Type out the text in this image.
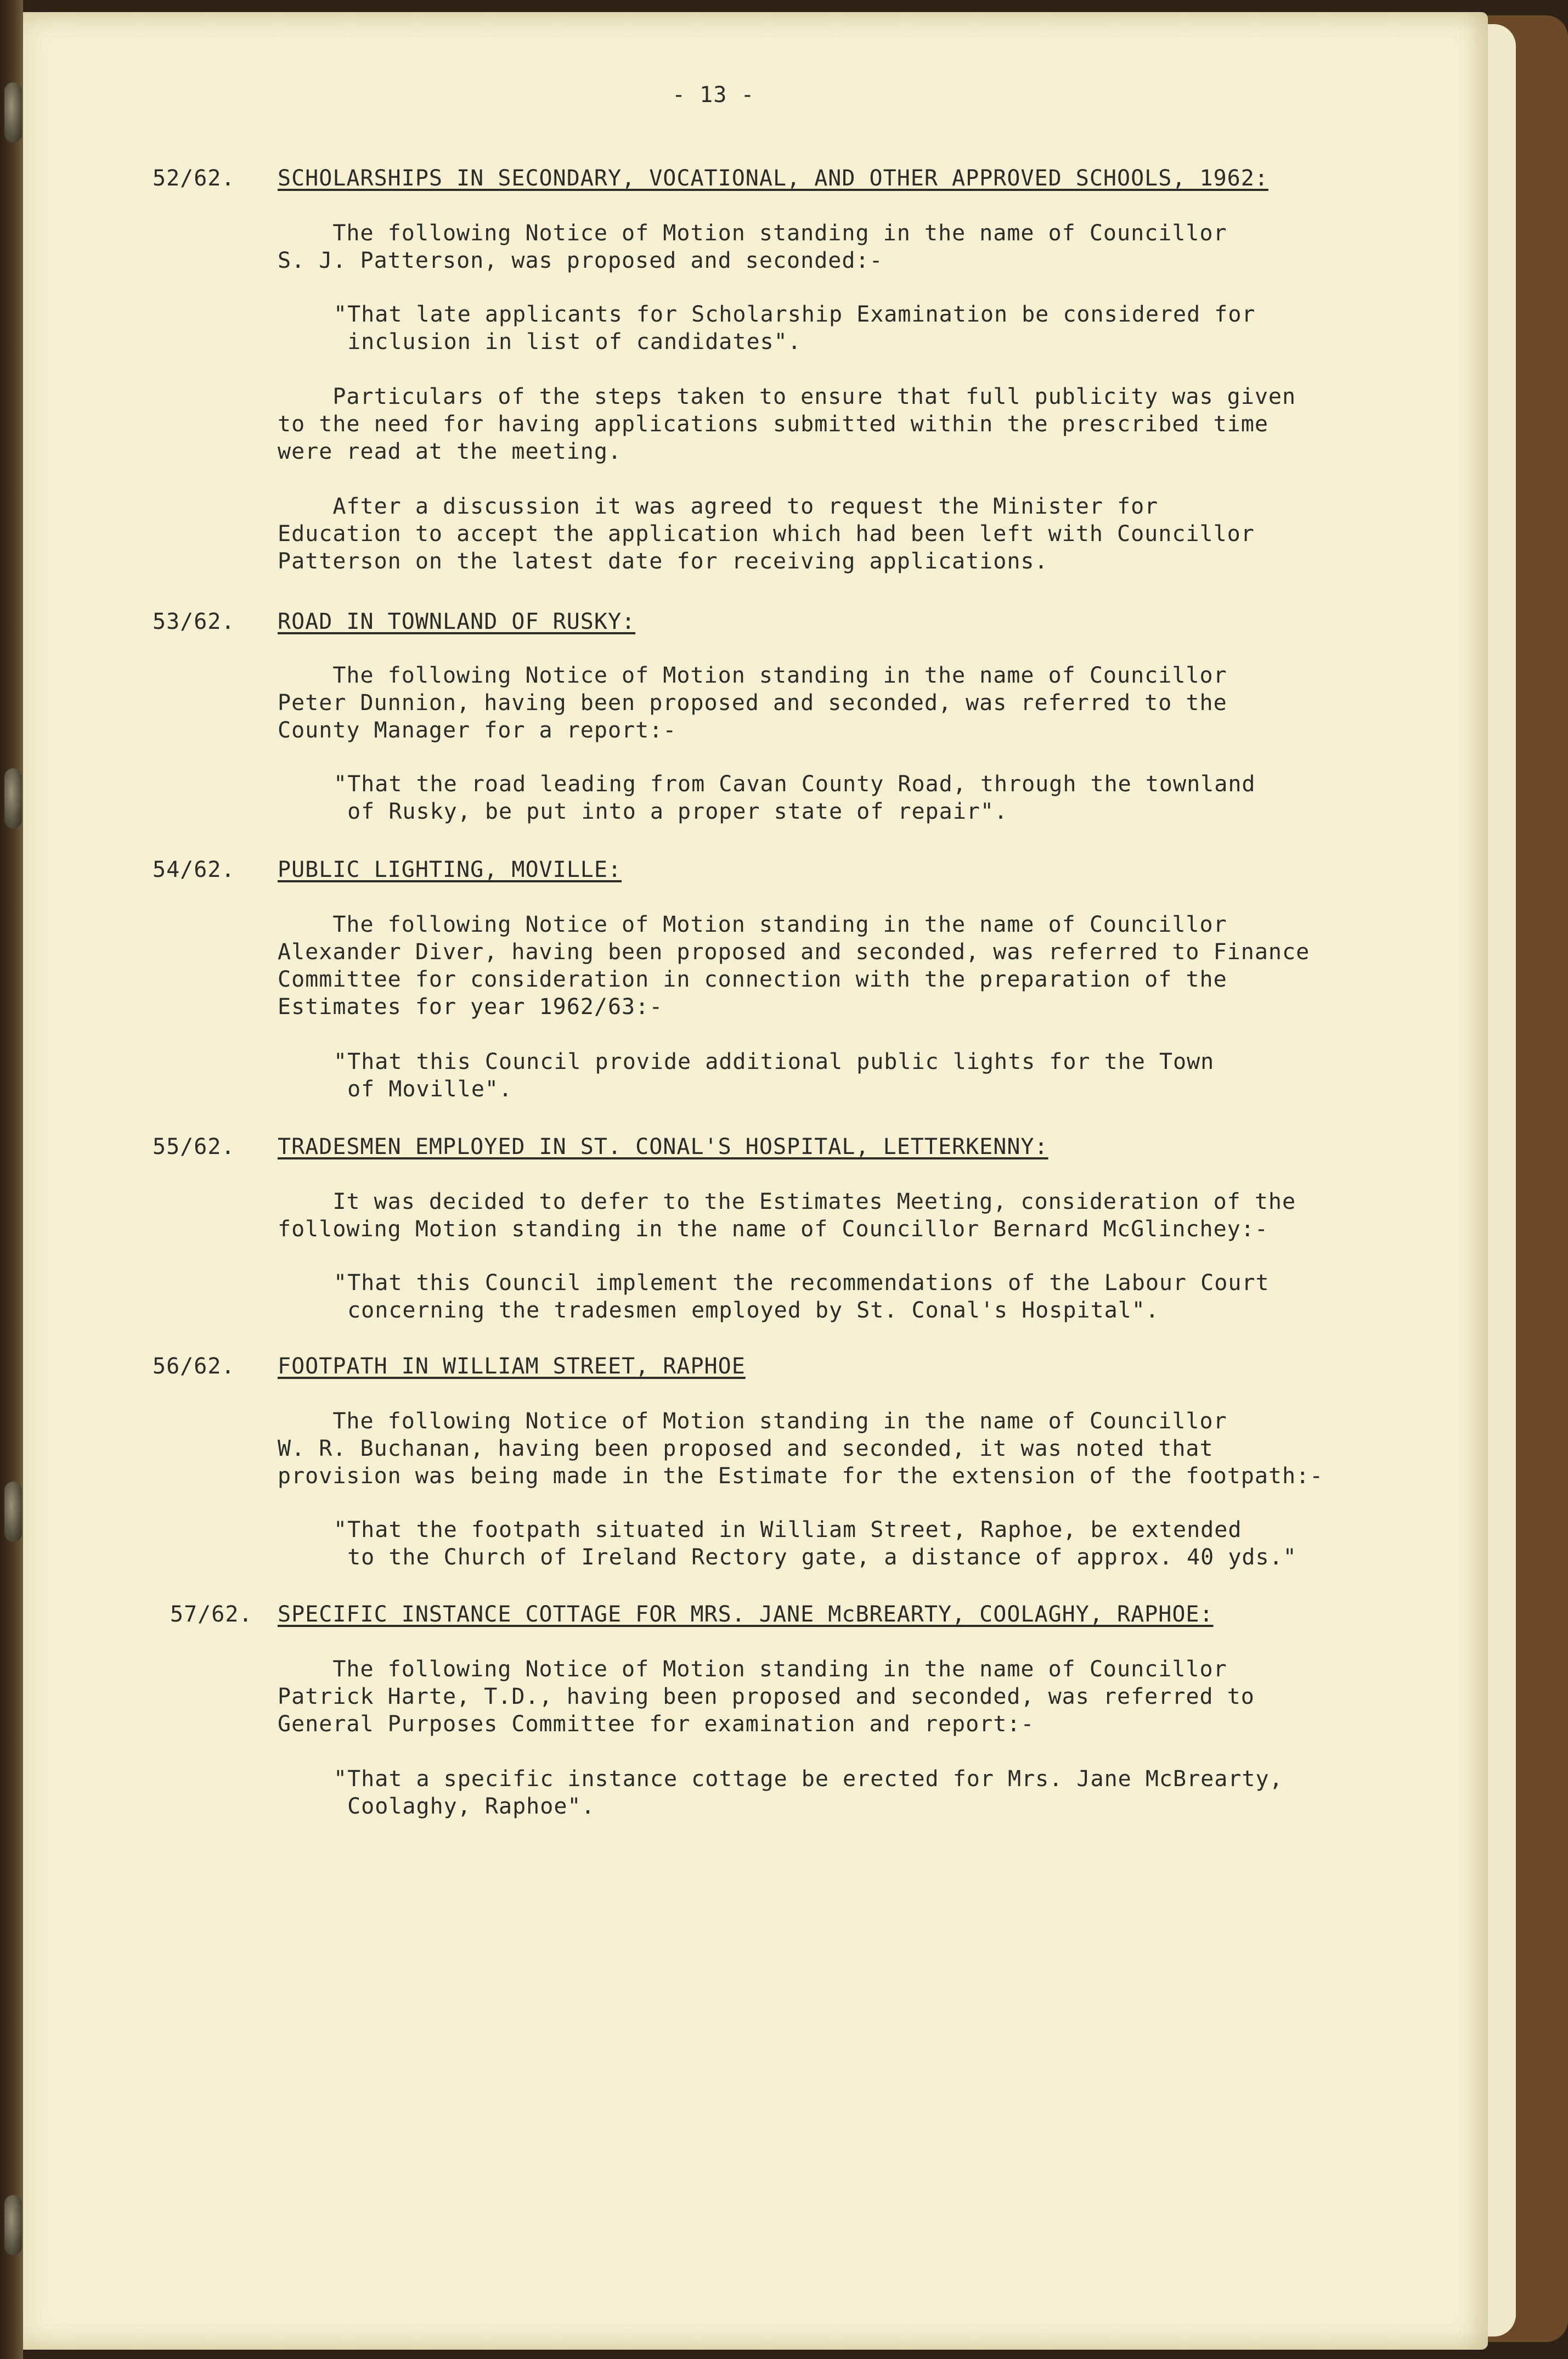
- 13 -
52/62. SCHOLARSHIPS IN SECONDARY, VOCATIONAL, AND OTHER APPROVED SCHOOLS, 1962:
The following Notice of Motion standing in the name of Councillor
S. J. Patterson, was proposed and seconded:-
"That late applicants for Scholarship Examination be considered for
inclusion in list of candidates".
Particulars of the steps taken to ensure that full publicity was given
to the need for having applications submitted within the prescribed time
were read at the meeting.
After a discussion it was agreed to request the Minister for
Education to accept the application which had been left with Councillor
Patterson on the latest date for receiving applications.
53/62. ROAD IN TOWNLAND OF RUSKY:
The following Notice of Motion standing in the name of Councillor
Peter Dunnion, having been proposed and seconded, was referred to the
County Manager for a report:-
"That the road leading from Cavan County Road, through the townland
of Rusky, be put into a proper state of repair".
54/62. PUBLIC LIGHTING, MOVILLE:
The following Notice of Motion standing in the name of Councillor
Alexander Diver, having been proposed and seconded, was referred to Finance
Committee for consideration in connection with the preparation of the
Estimates for year 1962/63:-
"That this Council provide additional public lights for the Town
of Moville".
55/62. TRADESMEN EMPLOYED IN ST. CONAL'S HOSPITAL, LETTERKENNY:
It was decided to defer to the Estimates Meeting, consideration of the
following Motion standing in the name of Councillor Bernard McGlinchey:-
"That this Council implement the recommendations of the Labour Court
concerning the tradesmen employed by St. Conal's Hospital".
56/62. FOOTPATH IN WILLIAM STREET, RAPHOE
The following Notice of Motion standing in the name of Councillor
W. R. Buchanan, having been proposed and seconded, it was noted that
provision was being made in the Estimate for the extension of the footpath:-
"That the footpath situated in William Street, Raphoe, be extended
to the Church of Ireland Rectory gate, a distance of approx. 40 yds."
57/62. SPECIFIC INSTANCE COTTAGE FOR MRS. JANE McBREARTY, COOLAGHY, RAPHOE:
The following Notice of Motion standing in the name of Councillor
Patrick Harte, T.D., having been proposed and seconded, was referred to
General Purposes Committee for examination and report:-
"That a specific instance cottage be erected for Mrs. Jane McBrearty,
Coolaghy, Raphoe".
